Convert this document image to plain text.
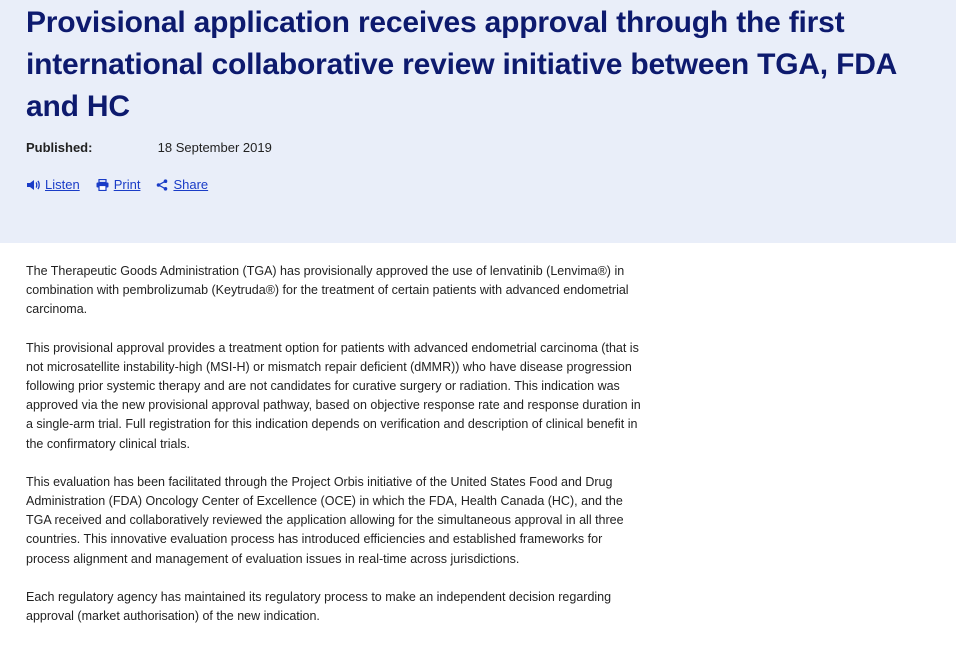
Provisional application receives approval through the first international collaborative review initiative between TGA, FDA and HC
Published:	18 September 2019
Listen	Print	Share

The Therapeutic Goods Administration (TGA) has provisionally approved the use of lenvatinib (Lenvima®) in combination with pembrolizumab (Keytruda®) for the treatment of certain patients with advanced endometrial carcinoma.

This provisional approval provides a treatment option for patients with advanced endometrial carcinoma (that is not microsatellite instability-high (MSI-H) or mismatch repair deficient (dMMR)) who have disease progression following prior systemic therapy and are not candidates for curative surgery or radiation. This indication was approved via the new provisional approval pathway, based on objective response rate and response duration in a single-arm trial. Full registration for this indication depends on verification and description of clinical benefit in the confirmatory clinical trials.

This evaluation has been facilitated through the Project Orbis initiative of the United States Food and Drug Administration (FDA) Oncology Center of Excellence (OCE) in which the FDA, Health Canada (HC), and the TGA received and collaboratively reviewed the application allowing for the simultaneous approval in all three countries. This innovative evaluation process has introduced efficiencies and established frameworks for process alignment and management of evaluation issues in real-time across jurisdictions.

Each regulatory agency has maintained its regulatory process to make an independent decision regarding approval (market authorisation) of the new indication.
